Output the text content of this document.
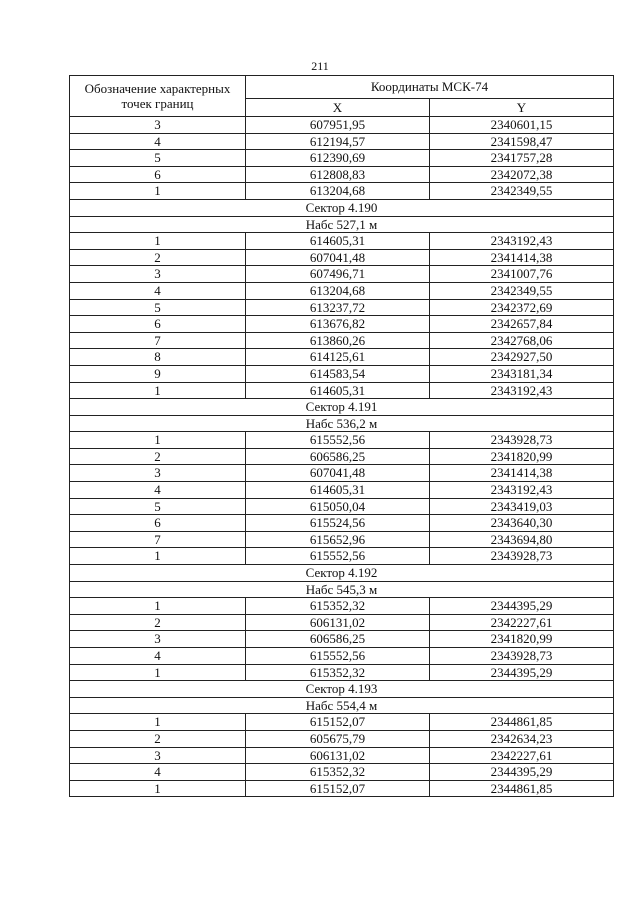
211
Обозначение характерных точек границ	Координаты МСК-74	
	X	Y
3	607951,95	2340601,15
4	612194,57	2341598,47
5	612390,69	2341757,28
6	612808,83	2342072,38
1	613204,68	2342349,55
Сектор 4.190		
Набс 527,1 м		
1	614605,31	2343192,43
2	607041,48	2341414,38
3	607496,71	2341007,76
4	613204,68	2342349,55
5	613237,72	2342372,69
6	613676,82	2342657,84
7	613860,26	2342768,06
8	614125,61	2342927,50
9	614583,54	2343181,34
1	614605,31	2343192,43
Сектор 4.191		
Набс 536,2 м		
1	615552,56	2343928,73
2	606586,25	2341820,99
3	607041,48	2341414,38
4	614605,31	2343192,43
5	615050,04	2343419,03
6	615524,56	2343640,30
7	615652,96	2343694,80
1	615552,56	2343928,73
Сектор 4.192		
Набс 545,3 м		
1	615352,32	2344395,29
2	606131,02	2342227,61
3	606586,25	2341820,99
4	615552,56	2343928,73
1	615352,32	2344395,29
Сектор 4.193		
Набс 554,4 м		
1	615152,07	2344861,85
2	605675,79	2342634,23
3	606131,02	2342227,61
4	615352,32	2344395,29
1	615152,07	2344861,85
